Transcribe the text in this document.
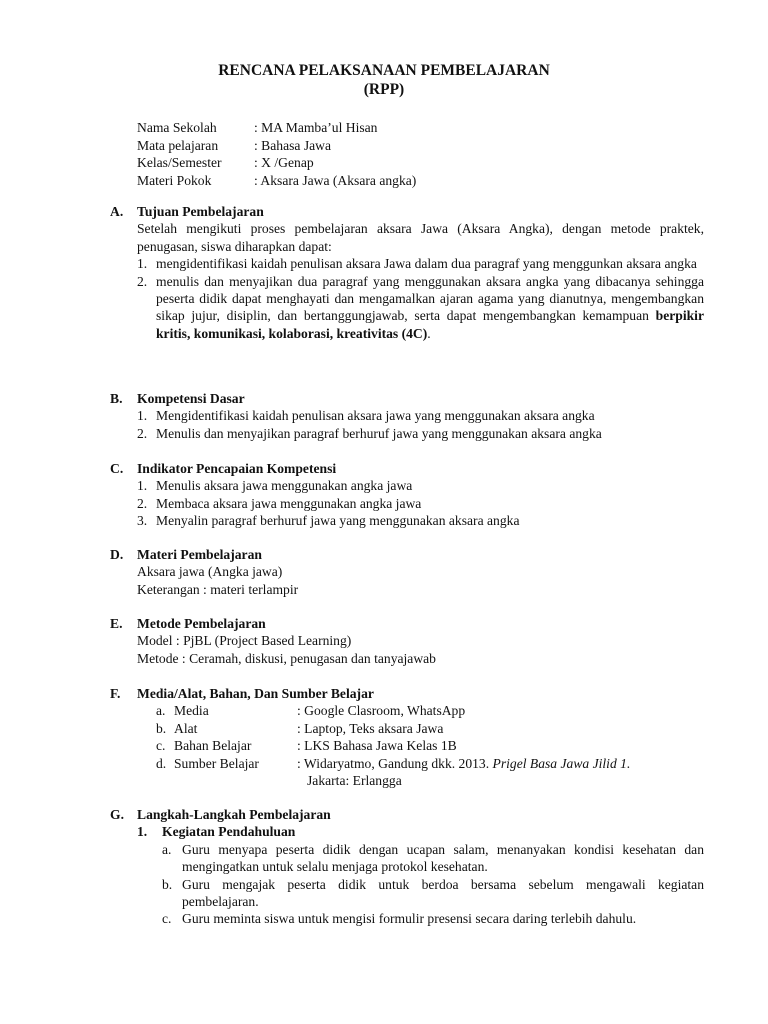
RENCANA PELAKSANAAN PEMBELAJARAN
(RPP)
Nama Sekolah	: MA Mamba’ul Hisan
Mata pelajaran	: Bahasa Jawa
Kelas/Semester : X /Genap
Materi Pokok	: Aksara Jawa (Aksara angka)
A. Tujuan Pembelajaran
Setelah mengikuti proses pembelajaran aksara Jawa (Aksara Angka), dengan metode praktek, penugasan, siswa diharapkan dapat:
1. mengidentifikasi kaidah penulisan aksara Jawa dalam dua paragraf yang menggunkan aksara angka
2. menulis dan menyajikan dua paragraf yang menggunakan aksara angka yang dibacanya sehingga peserta didik dapat menghayati dan mengamalkan ajaran agama yang dianutnya, mengembangkan sikap jujur, disiplin, dan bertanggungjawab, serta dapat mengembangkan kemampuan berpikir kritis, komunikasi, kolaborasi, kreativitas (4C).
B. Kompetensi Dasar
1. Mengidentifikasi kaidah penulisan aksara jawa yang menggunakan aksara angka
2. Menulis dan menyajikan paragraf berhuruf jawa yang menggunakan aksara angka
C. Indikator Pencapaian Kompetensi
1. Menulis aksara jawa menggunakan angka jawa
2. Membaca aksara jawa menggunakan angka jawa
3. Menyalin paragraf berhuruf jawa yang menggunakan aksara angka
D. Materi Pembelajaran
Aksara jawa (Angka jawa)
Keterangan : materi terlampir
E. Metode Pembelajaran
Model : PjBL (Project Based Learning)
Metode : Ceramah, diskusi, penugasan dan tanyajawab
F. Media/Alat, Bahan, Dan Sumber Belajar
a. Media	: Google Clasroom, WhatsApp
b. Alat	: Laptop, Teks aksara Jawa
c. Bahan Belajar	: LKS Bahasa Jawa Kelas 1B
d. Sumber Belajar	: Widaryatmo, Gandung dkk. 2013. Prigel Basa Jawa Jilid 1.
Jakarta: Erlangga
G. Langkah-Langkah Pembelajaran
1. Kegiatan Pendahuluan
a. Guru menyapa peserta didik dengan ucapan salam, menanyakan kondisi kesehatan dan mengingatkan untuk selalu menjaga protokol kesehatan.
b. Guru mengajak peserta didik untuk berdoa bersama sebelum mengawali kegiatan pembelajaran.
c. Guru meminta siswa untuk mengisi formulir presensi secara daring terlebih dahulu.
